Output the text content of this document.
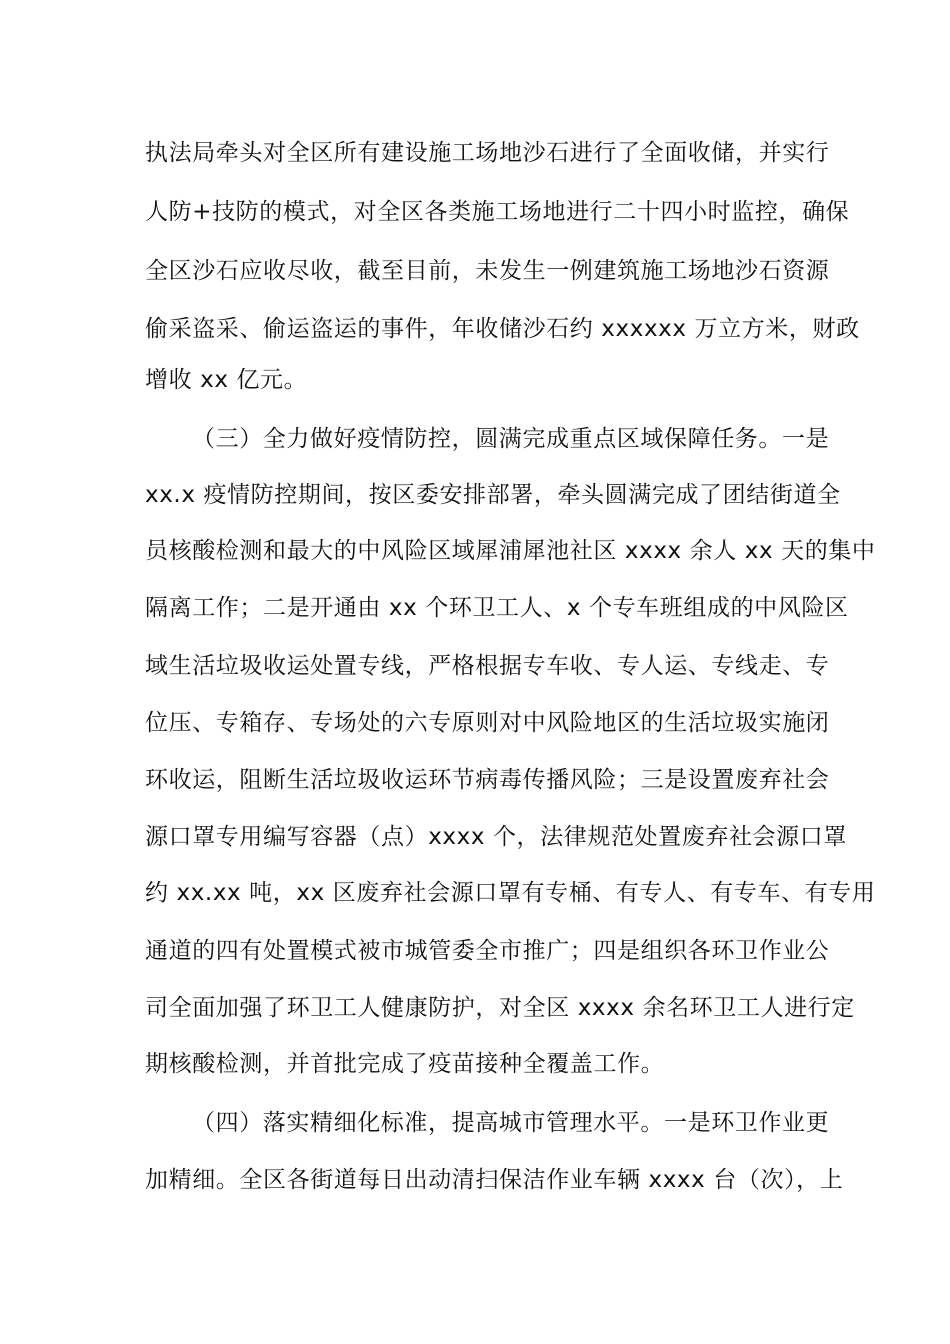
执法局牵头对全区所有建设施工场地沙石进行了全面收储，并实行
人防+技防的模式，对全区各类施工场地进行二十四小时监控，确保
全区沙石应收尽收，截至目前，未发生一例建筑施工场地沙石资源
偷采盗采、偷运盗运的事件，年收储沙石约 xxxxxx 万立方米，财政
增收 xx 亿元。
（三）全力做好疫情防控，圆满完成重点区域保障任务。一是
xx.x 疫情防控期间，按区委安排部署，牵头圆满完成了团结街道全
员核酸检测和最大的中风险区域犀浦犀池社区 xxxx 余人 xx 天的集中
隔离工作；二是开通由 xx 个环卫工人、x 个专车班组成的中风险区
域生活垃圾收运处置专线，严格根据专车收、专人运、专线走、专
位压、专箱存、专场处的六专原则对中风险地区的生活垃圾实施闭
环收运，阻断生活垃圾收运环节病毒传播风险；三是设置废弃社会
源口罩专用编写容器（点）xxxx 个，法律规范处置废弃社会源口罩
约 xx.xx 吨，xx 区废弃社会源口罩有专桶、有专人、有专车、有专用
通道的四有处置模式被市城管委全市推广；四是组织各环卫作业公
司全面加强了环卫工人健康防护，对全区 xxxx 余名环卫工人进行定
期核酸检测，并首批完成了疫苗接种全覆盖工作。
（四）落实精细化标准，提高城市管理水平。一是环卫作业更
加精细。全区各街道每日出动清扫保洁作业车辆 xxxx 台（次），上
